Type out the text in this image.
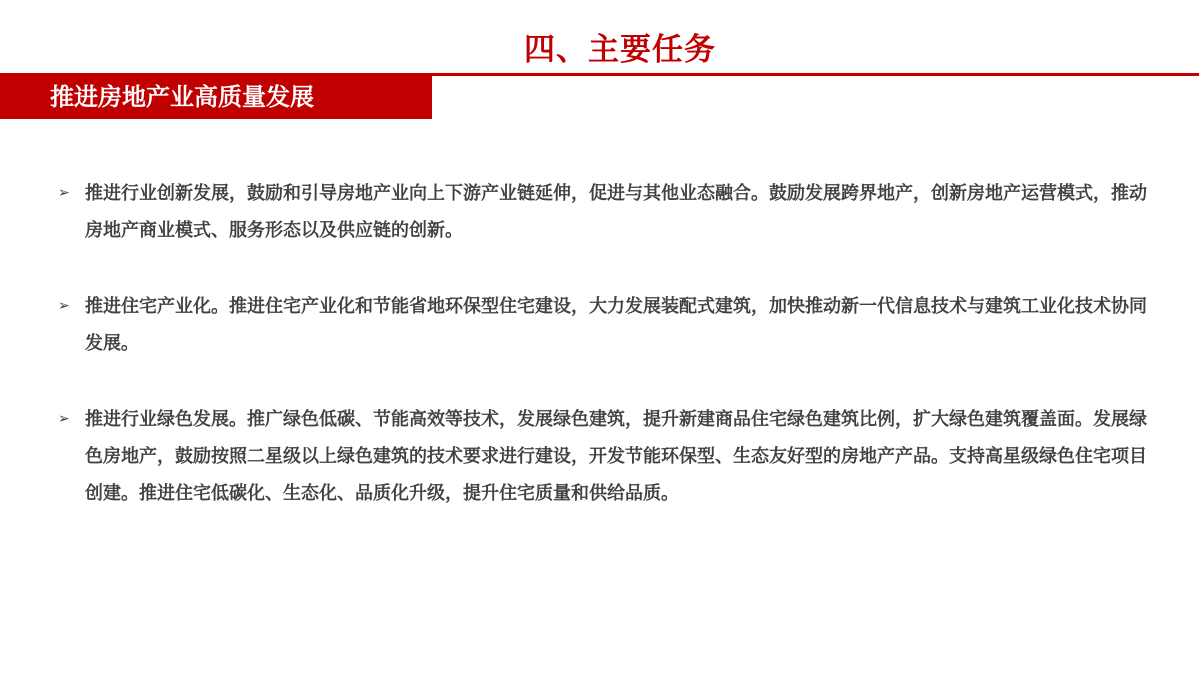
四、主要任务
推进房地产业高质量发展
➢ 推进行业创新发展，鼓励和引导房地产业向上下游产业链延伸，促进与其他业态融合。鼓励发展跨界地产，创新房地产运营模式，推动房地产商业模式、服务形态以及供应链的创新。
➢ 推进住宅产业化。推进住宅产业化和节能省地环保型住宅建设，大力发展装配式建筑，加快推动新一代信息技术与建筑工业化技术协同发展。
➢ 推进行业绿色发展。推广绿色低碳、节能高效等技术，发展绿色建筑，提升新建商品住宅绿色建筑比例，扩大绿色建筑覆盖面。发展绿色房地产，鼓励按照二星级以上绿色建筑的技术要求进行建设，开发节能环保型、生态友好型的房地产产品。支持高星级绿色住宅项目创建。推进住宅低碳化、生态化、品质化升级，提升住宅质量和供给品质。
